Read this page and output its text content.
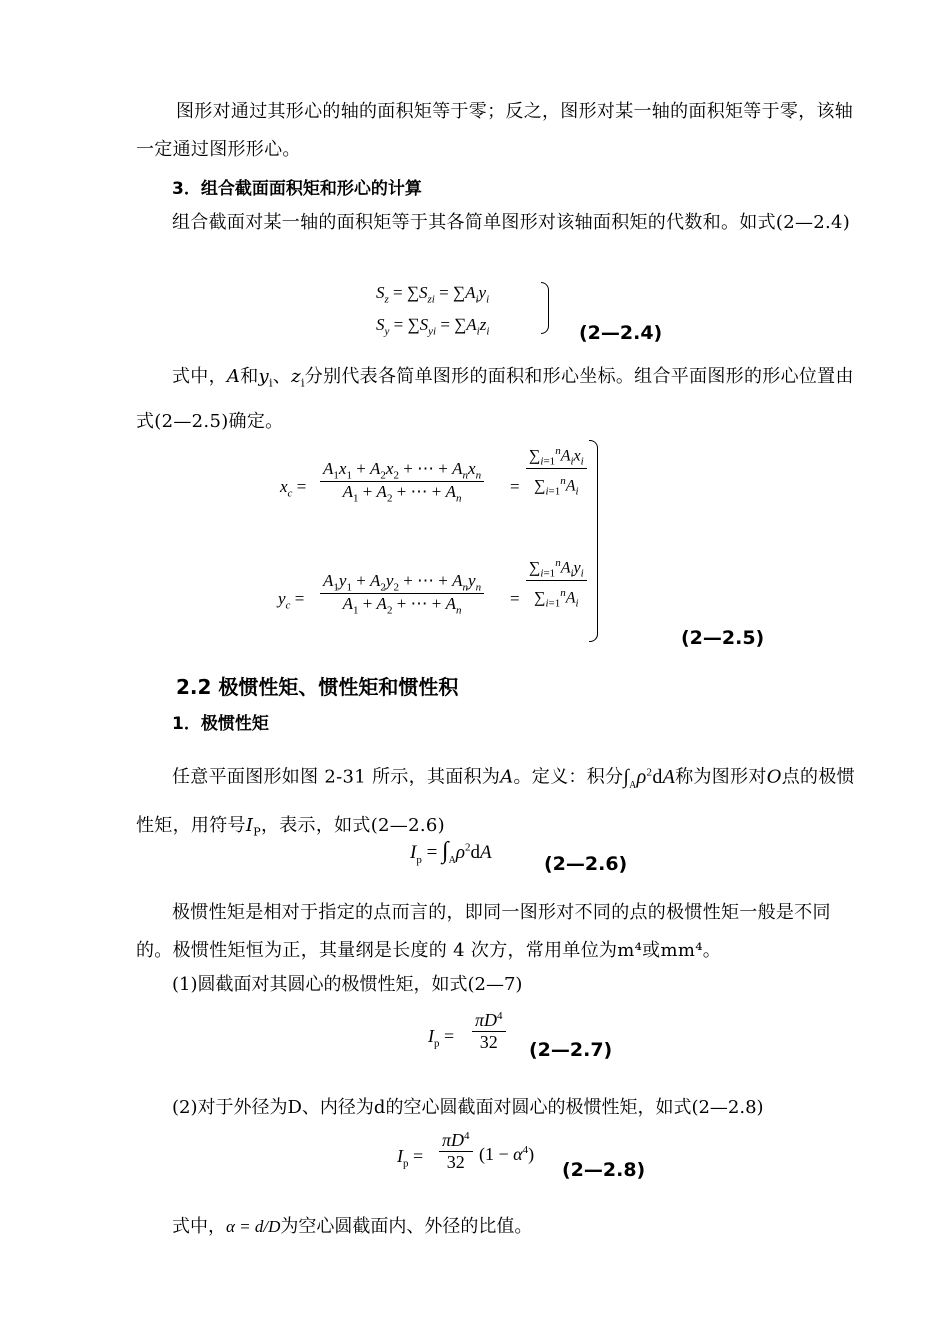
图形对通过其形心的轴的面积矩等于零；反之，图形对某一轴的面积矩等于零，该轴一定通过图形形心。
3．组合截面面积矩和形心的计算
组合截面对某一轴的面积矩等于其各简单图形对该轴面积矩的代数和。如式(2—2.4)
$S_z = \sum S_{zi} = \sum A_iy_i$
$S_y = \sum S_{yi} = \sum A_iz_i$	(2—2.4)
式中，A和$y_i$、$z_i$分别代表各简单图形的面积和形心坐标。组合平面图形的形心位置由式(2—2.5)确定。
$x_c$ =
$A_1x_1 + A_2x_2$ + ⋯ + $A_nx_n$
$A_1 + A_2$ + ⋯ + $A_n$
=
$\sum_{i=1}^nA_ix_i$
$\sum_{i=1}^nA_i$
$y_c$ =
$A_1y_1 + A_2y_2$ + ⋯ + $A_ny_n$
$A_1 + A_2$ + ⋯ + $A_n$
=
$\sum_{i=1}^nA_iy_i$
$\sum_{i=1}^nA_i$
(2—2.5)
2.2 极惯性矩、惯性矩和惯性积
1．极惯性矩
任意平面图形如图 2-31 所示，其面积为A。定义：积分$\int_A\rho^2dA$称为图形对O点的极惯性矩，用符号$I_P$，表示，如式(2—2.6)
$I_p = \int_A\rho^2dA$
(2—2.6)
极惯性矩是相对于指定的点而言的，即同一图形对不同的点的极惯性矩一般是不同的。极惯性矩恒为正，其量纲是长度的 4 次方，常用单位为m⁴或mm⁴。
(1)圆截面对其圆心的极惯性矩，如式(2—7)
$I_p = \frac{\pi D^4}{32}$ (2—2.7)
(2)对于外径为D、内径为d的空心圆截面对圆心的极惯性矩，如式(2—2.8)
$I_p = \frac{\pi D^4}{32} (1 - \alpha^4)$
(2—2.8)
式中，α = d/D为空心圆截面内、外径的比值。
